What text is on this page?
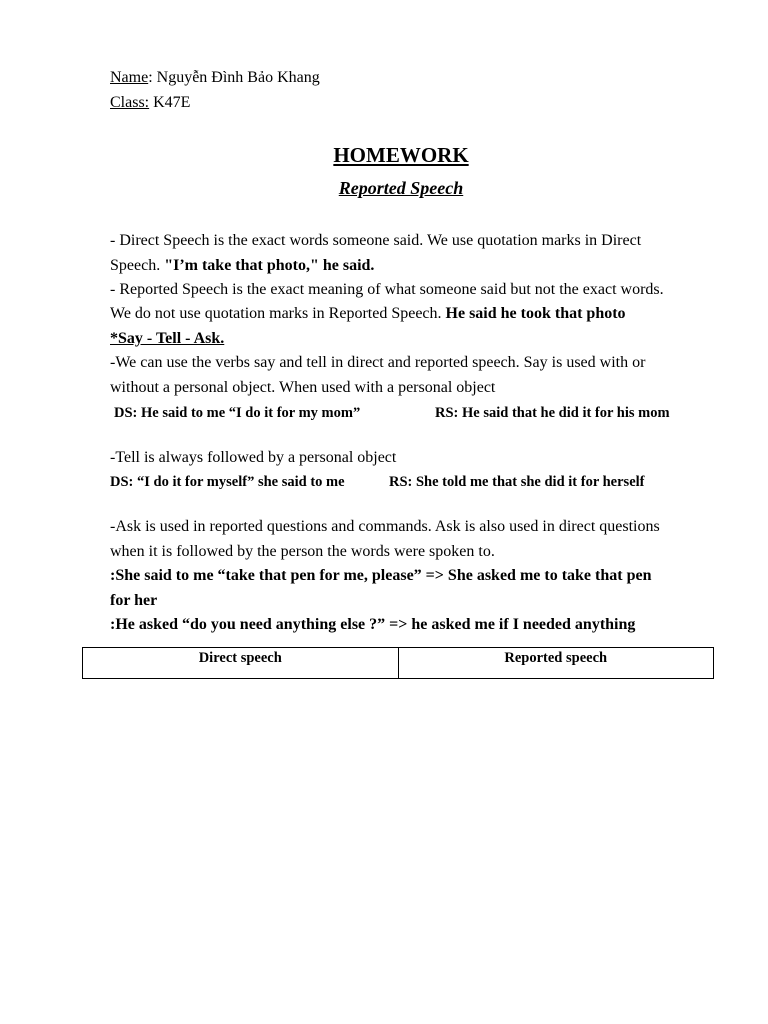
Name: Nguyễn Đình Bảo Khang
Class: K47E
HOMEWORK
Reported Speech
- Direct Speech is the exact words someone said. We use quotation marks in Direct
Speech. "I’m take that photo," he said.
- Reported Speech is the exact meaning of what someone said but not the exact words.
We do not use quotation marks in Reported Speech. He said he took that photo
*Say - Tell - Ask.
-We can use the verbs say and tell in direct and reported speech. Say is used with or
without a personal object. When used with a personal object
DS: He said to me “I do it for my mom”	RS: He said that he did it for his mom
-Tell is always followed by a personal object
DS: “I do it for myself” she said to me	RS: She told me that she did it for herself
-Ask is used in reported questions and commands. Ask is also used in direct questions
when it is followed by the person the words were spoken to.
:She said to me “take that pen for me, please” => She asked me to take that pen
for her
:He asked “do you need anything else ?” => he asked me if I needed anything
Direct speech	Reported speech
